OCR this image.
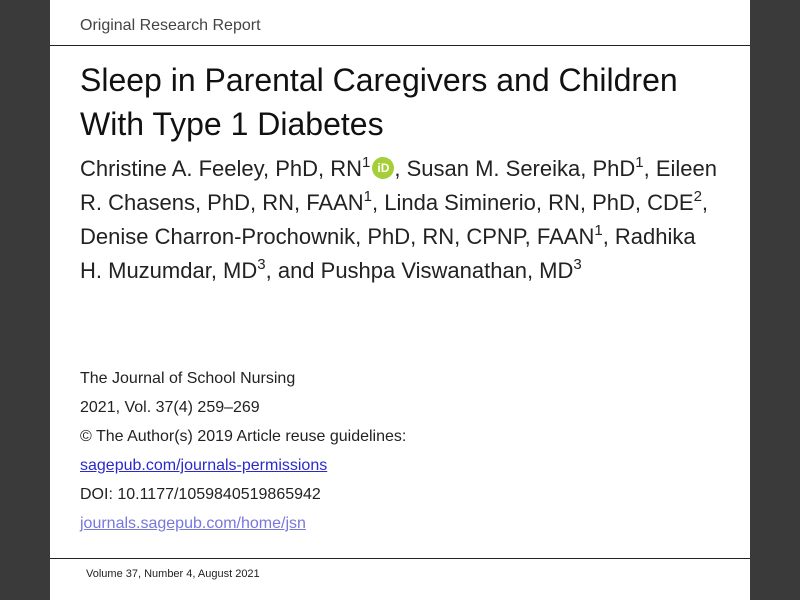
Original Research Report
Sleep in Parental Caregivers and Children With Type 1 Diabetes
Christine A. Feeley, PhD, $RN^1$ iD , Susan M. Sereika, PhD$^1$, Eileen R. Chasens, PhD, RN, FAAN$^1$, Linda Siminerio, RN, PhD, CDE$^2$, Denise Charron-Prochownik, PhD, RN, CPNP, FAAN$^1$, Radhika H. Muzumdar, $MD^3$, and Pushpa Viswanathan, $MD^3$
The Journal of School Nursing
2021, Vol. 37(4) 259–269
© The Author(s) 2019 Article reuse guidelines:
sagepub.com/journals-permissions
DOI: 10.1177/1059840519865942
journals.sagepub.com/home/jsn
Volume 37, Number 4, August 2021
